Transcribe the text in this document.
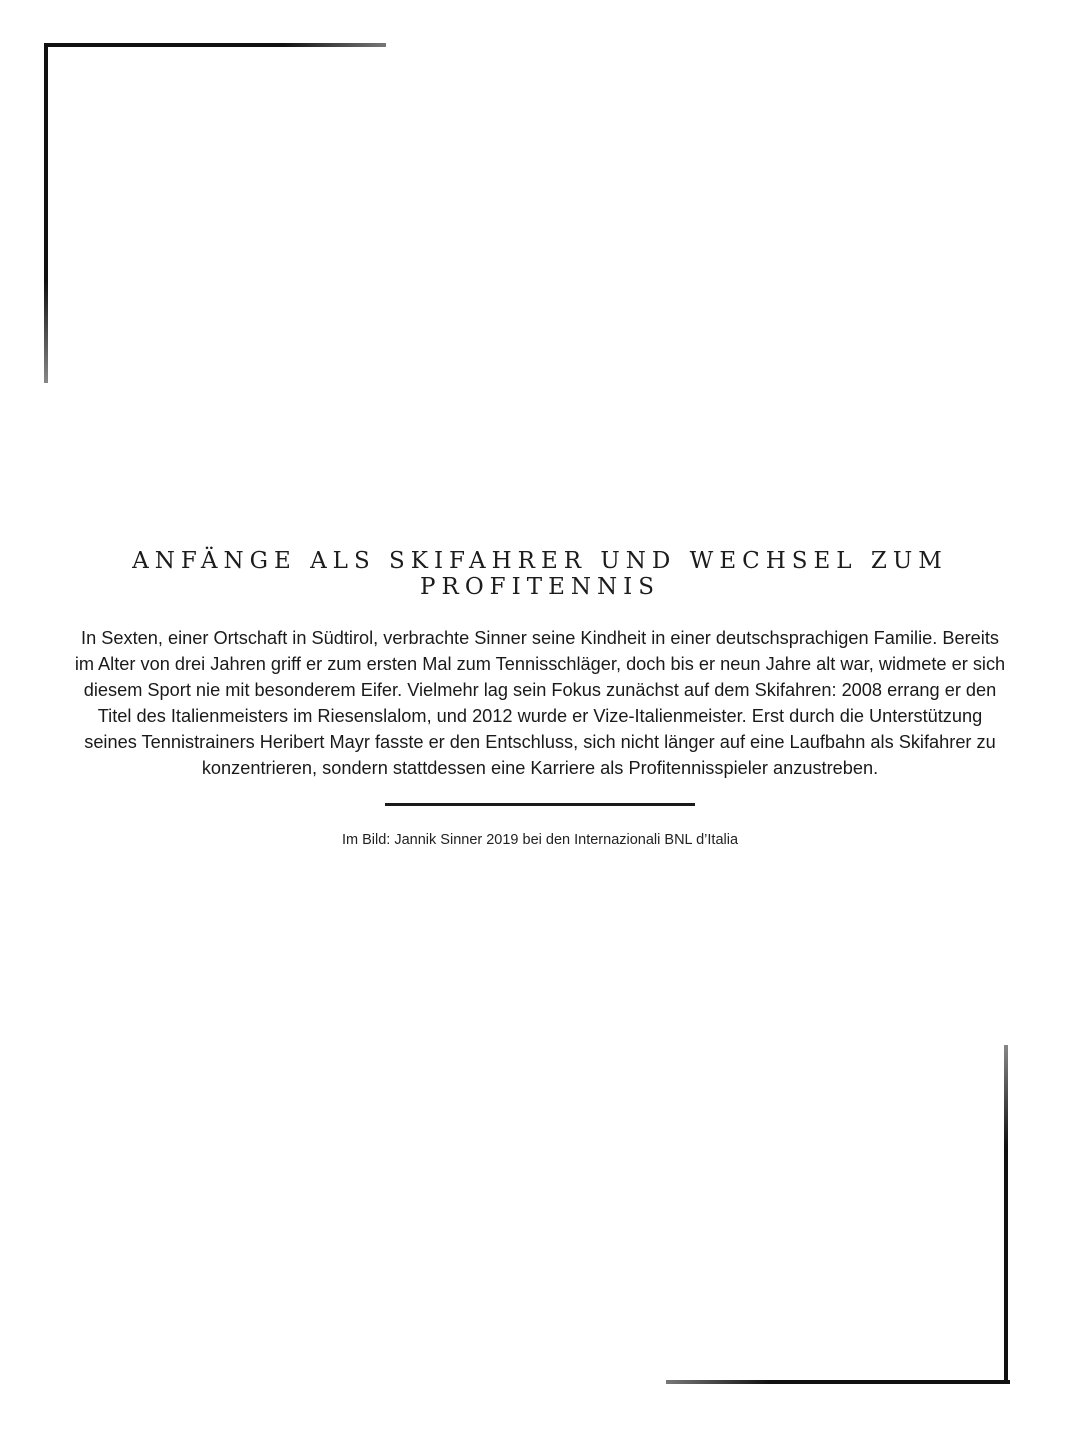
ANFÄNGE ALS SKIFAHRER UND WECHSEL ZUM PROFITENNIS

In Sexten, einer Ortschaft in Südtirol, verbrachte Sinner seine Kindheit in einer deutschsprachigen Familie. Bereits im Alter von drei Jahren griff er zum ersten Mal zum Tennisschläger, doch bis er neun Jahre alt war, widmete er sich diesem Sport nie mit besonderem Eifer. Vielmehr lag sein Fokus zunächst auf dem Skifahren: 2008 errang er den Titel des Italienmeisters im Riesenslalom, und 2012 wurde er Vize-Italienmeister. Erst durch die Unterstützung seines Tennistrainers Heribert Mayr fasste er den Entschluss, sich nicht länger auf eine Laufbahn als Skifahrer zu konzentrieren, sondern stattdessen eine Karriere als Profitennisspieler anzustreben.

Im Bild: Jannik Sinner 2019 bei den Internazionali BNL d’Italia
